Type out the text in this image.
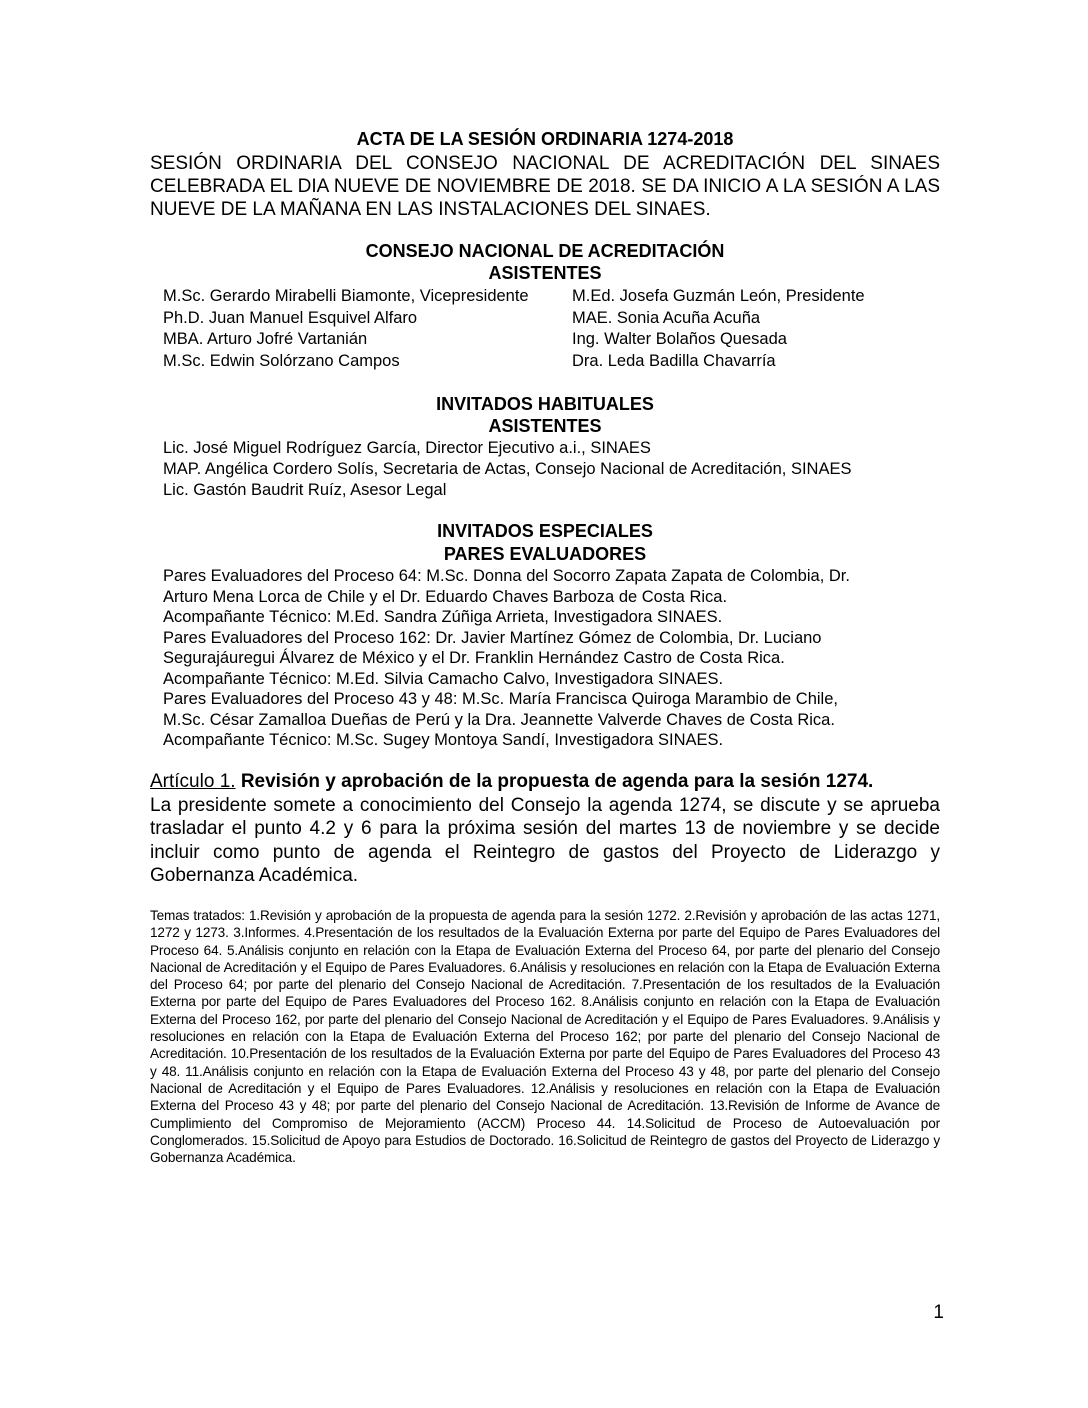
ACTA DE LA SESIÓN ORDINARIA 1274-2018
SESIÓN ORDINARIA DEL CONSEJO NACIONAL DE ACREDITACIÓN DEL SINAES CELEBRADA EL DIA NUEVE DE NOVIEMBRE DE 2018. SE DA INICIO A LA SESIÓN A LAS NUEVE DE LA MAÑANA EN LAS INSTALACIONES DEL SINAES.
CONSEJO NACIONAL DE ACREDITACIÓN
ASISTENTES
M.Sc. Gerardo Mirabelli Biamonte, Vicepresidente
Ph.D. Juan Manuel Esquivel Alfaro
MBA. Arturo Jofré Vartanián
M.Sc. Edwin Solórzano Campos
M.Ed. Josefa Guzmán León, Presidente
MAE. Sonia Acuña Acuña
Ing. Walter Bolaños Quesada
Dra. Leda Badilla Chavarría
INVITADOS HABITUALES
ASISTENTES
Lic. José Miguel Rodríguez García, Director Ejecutivo a.i., SINAES
MAP. Angélica Cordero Solís, Secretaria de Actas, Consejo Nacional de Acreditación, SINAES
Lic. Gastón Baudrit Ruíz, Asesor Legal
INVITADOS ESPECIALES
PARES EVALUADORES
Pares Evaluadores del Proceso 64: M.Sc. Donna del Socorro Zapata Zapata de Colombia, Dr.
Arturo Mena Lorca de Chile y el Dr. Eduardo Chaves Barboza de Costa Rica.
Acompañante Técnico: M.Ed. Sandra Zúñiga Arrieta, Investigadora SINAES.
Pares Evaluadores del Proceso 162: Dr. Javier Martínez Gómez de Colombia, Dr. Luciano
Segurajáuregui Álvarez de México y el Dr. Franklin Hernández Castro de Costa Rica.
Acompañante Técnico: M.Ed. Silvia Camacho Calvo, Investigadora SINAES.
Pares Evaluadores del Proceso 43 y 48: M.Sc. María Francisca Quiroga Marambio de Chile,
M.Sc. César Zamalloa Dueñas de Perú y la Dra. Jeannette Valverde Chaves de Costa Rica.
Acompañante Técnico: M.Sc. Sugey Montoya Sandí, Investigadora SINAES.
Artículo 1. Revisión y aprobación de la propuesta de agenda para la sesión 1274.
La presidente somete a conocimiento del Consejo la agenda 1274, se discute y se aprueba trasladar el punto 4.2 y 6 para la próxima sesión del martes 13 de noviembre y se decide incluir como punto de agenda el Reintegro de gastos del Proyecto de Liderazgo y Gobernanza Académica.
Temas tratados: 1.Revisión y aprobación de la propuesta de agenda para la sesión 1272. 2.Revisión y aprobación de las actas 1271, 1272 y 1273. 3.Informes. 4.Presentación de los resultados de la Evaluación Externa por parte del Equipo de Pares Evaluadores del Proceso 64. 5.Análisis conjunto en relación con la Etapa de Evaluación Externa del Proceso 64, por parte del plenario del Consejo Nacional de Acreditación y el Equipo de Pares Evaluadores. 6.Análisis y resoluciones en relación con la Etapa de Evaluación Externa del Proceso 64; por parte del plenario del Consejo Nacional de Acreditación. 7.Presentación de los resultados de la Evaluación Externa por parte del Equipo de Pares Evaluadores del Proceso 162. 8.Análisis conjunto en relación con la Etapa de Evaluación Externa del Proceso 162, por parte del plenario del Consejo Nacional de Acreditación y el Equipo de Pares Evaluadores. 9.Análisis y resoluciones en relación con la Etapa de Evaluación Externa del Proceso 162; por parte del plenario del Consejo Nacional de Acreditación. 10.Presentación de los resultados de la Evaluación Externa por parte del Equipo de Pares Evaluadores del Proceso 43 y 48. 11.Análisis conjunto en relación con la Etapa de Evaluación Externa del Proceso 43 y 48, por parte del plenario del Consejo Nacional de Acreditación y el Equipo de Pares Evaluadores. 12.Análisis y resoluciones en relación con la Etapa de Evaluación Externa del Proceso 43 y 48; por parte del plenario del Consejo Nacional de Acreditación. 13.Revisión de Informe de Avance de Cumplimiento del Compromiso de Mejoramiento (ACCM) Proceso 44. 14.Solicitud de Proceso de Autoevaluación por Conglomerados. 15.Solicitud de Apoyo para Estudios de Doctorado. 16.Solicitud de Reintegro de gastos del Proyecto de Liderazgo y Gobernanza Académica.
1
